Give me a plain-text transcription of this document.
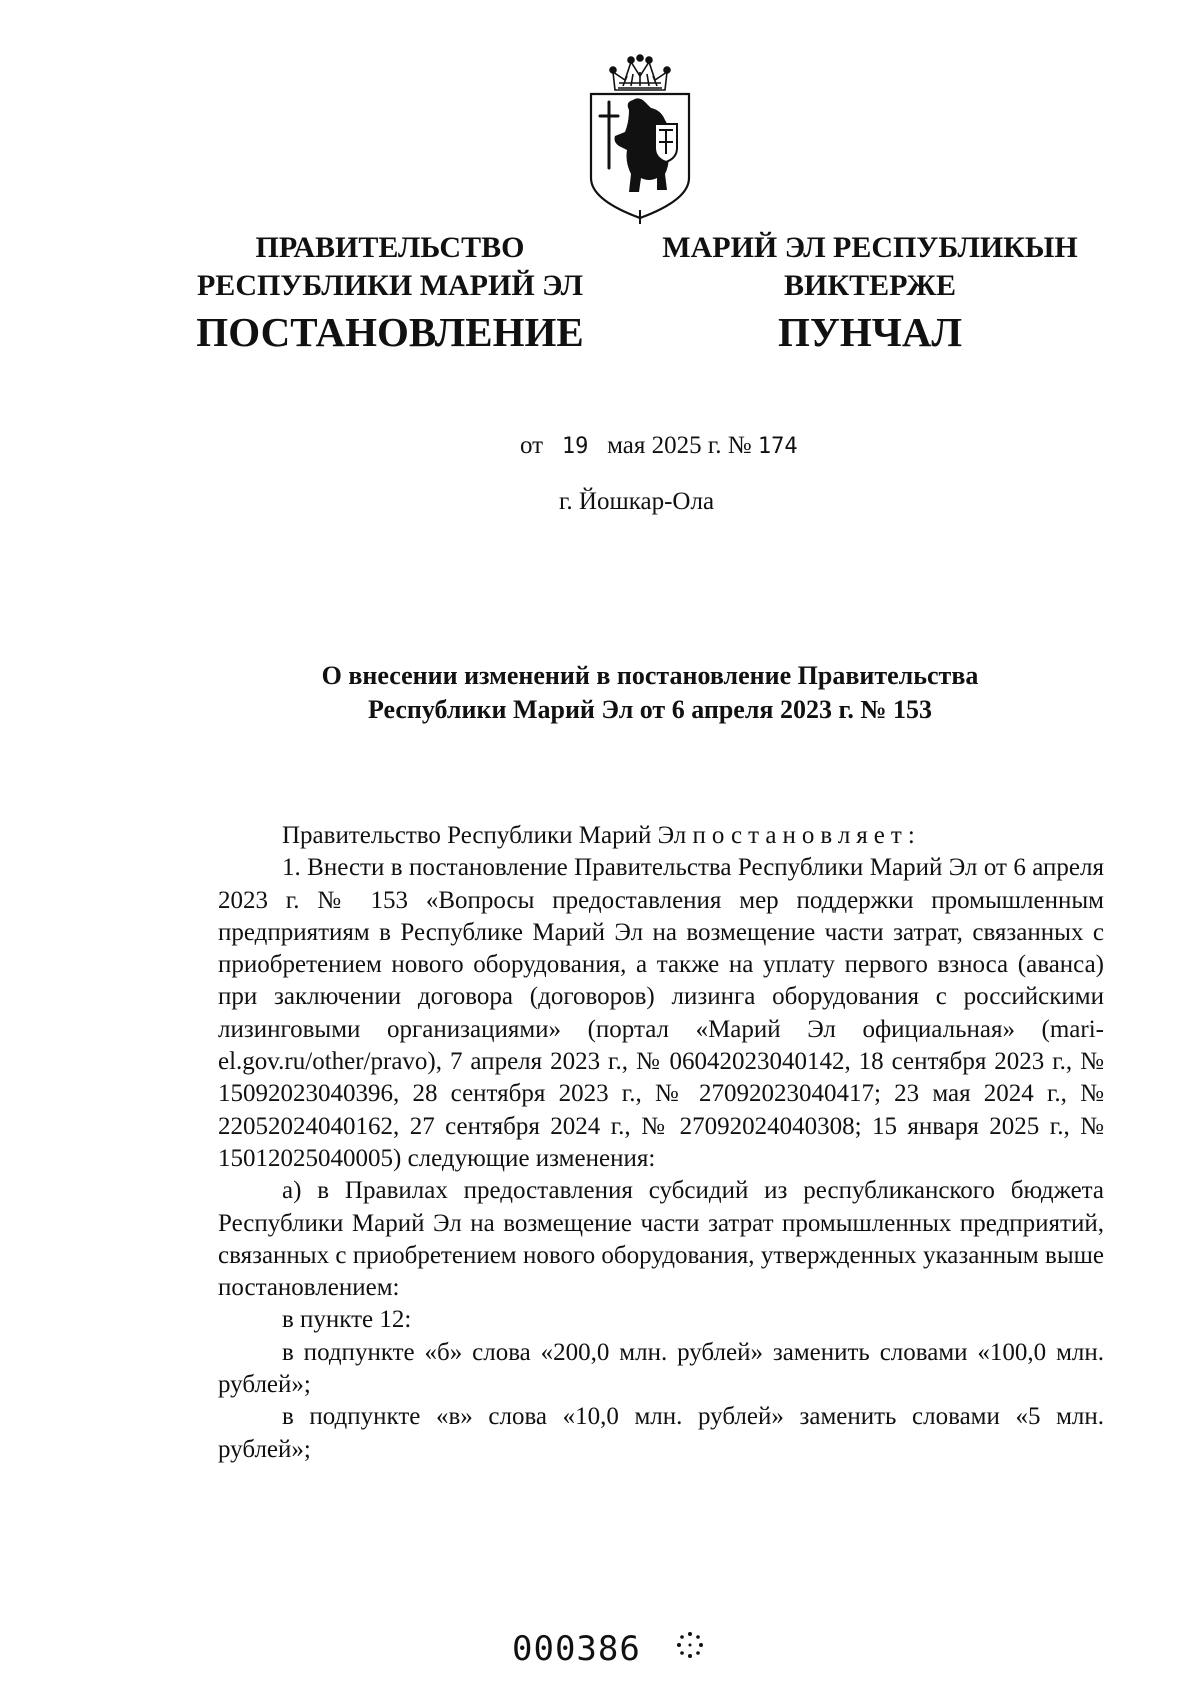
ПРАВИТЕЛЬСТВО
РЕСПУБЛИКИ МАРИЙ ЭЛ
ПОСТАНОВЛЕНИЕ
МАРИЙ ЭЛ РЕСПУБЛИКЫН
ВИКТЕРЖЕ
ПУНЧАЛ
от 19 мая 2025 г. № 174
г. Йошкар-Ола
О внесении изменений в постановление Правительства
Республики Марий Эл от 6 апреля 2023 г. № 153

Правительство Республики Марий Эл постановляет:

1. Внести в постановление Правительства Республики Марий Эл от 6 апреля 2023 г. № 153 «Вопросы предоставления мер поддержки промышленным предприятиям в Республике Марий Эл на возмещение части затрат, связанных с приобретением нового оборудования, а также на уплату первого взноса (аванса) при заключении договора (договоров) лизинга оборудования с российскими лизинговыми организациями» (портал «Марий Эл официальная» (mari-el.gov.ru/other/pravo), 7 апреля 2023 г., № 06042023040142, 18 сентября 2023 г., № 15092023040396, 28 сентября 2023 г., № 27092023040417; 23 мая 2024 г., № 22052024040162, 27 сентября 2024 г., № 27092024040308; 15 января 2025 г., № 15012025040005) следующие изменения:

а) в Правилах предоставления субсидий из республиканского бюджета Республики Марий Эл на возмещение части затрат промышленных предприятий, связанных с приобретением нового оборудования, утвержденных указанным выше постановлением:

в пункте 12:

в подпункте «б» слова «200,0 млн. рублей» заменить словами «100,0 млн. рублей»;

в подпункте «в» слова «10,0 млн. рублей» заменить словами «5 млн. рублей»;

000386
